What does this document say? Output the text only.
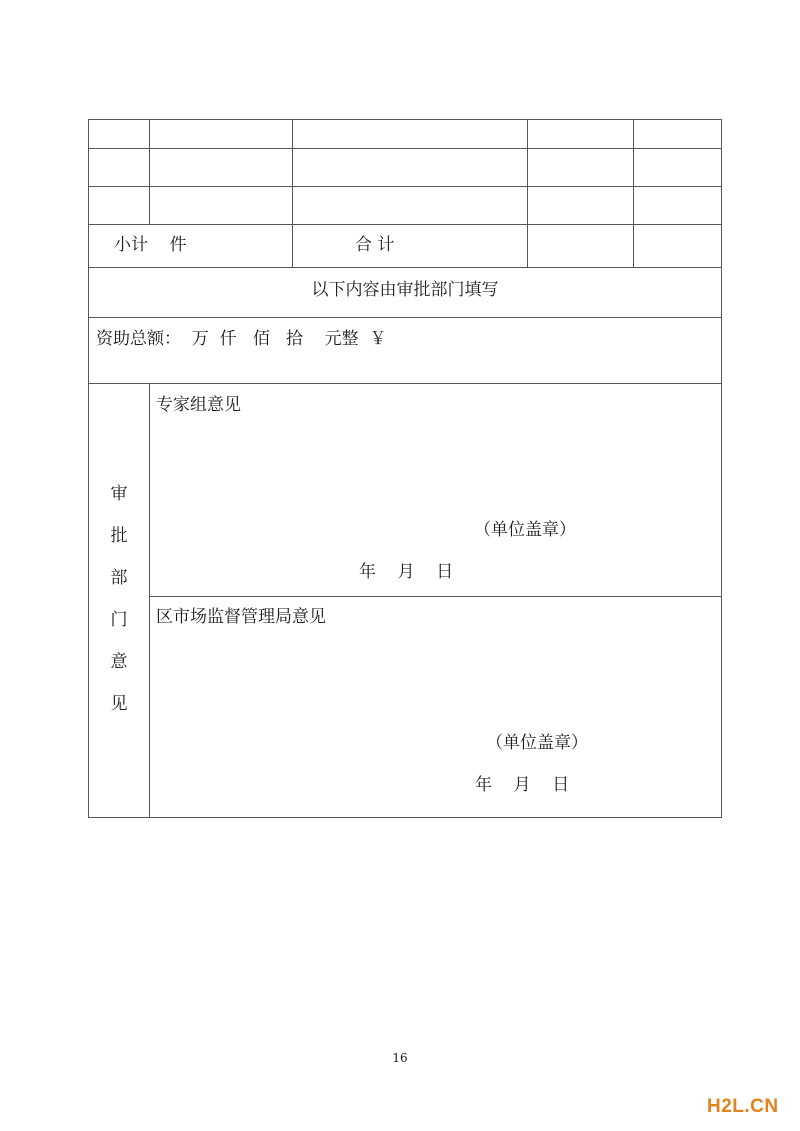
小计    件	合 计
以下内容由审批部门填写
资助总额：  万  仟   佰   拾    元整  ￥
审
批
部
门
意
见
专家组意见
（单位盖章）
年    月    日
区市场监督管理局意见
（单位盖章）
年    月    日
16
H2L.CN
